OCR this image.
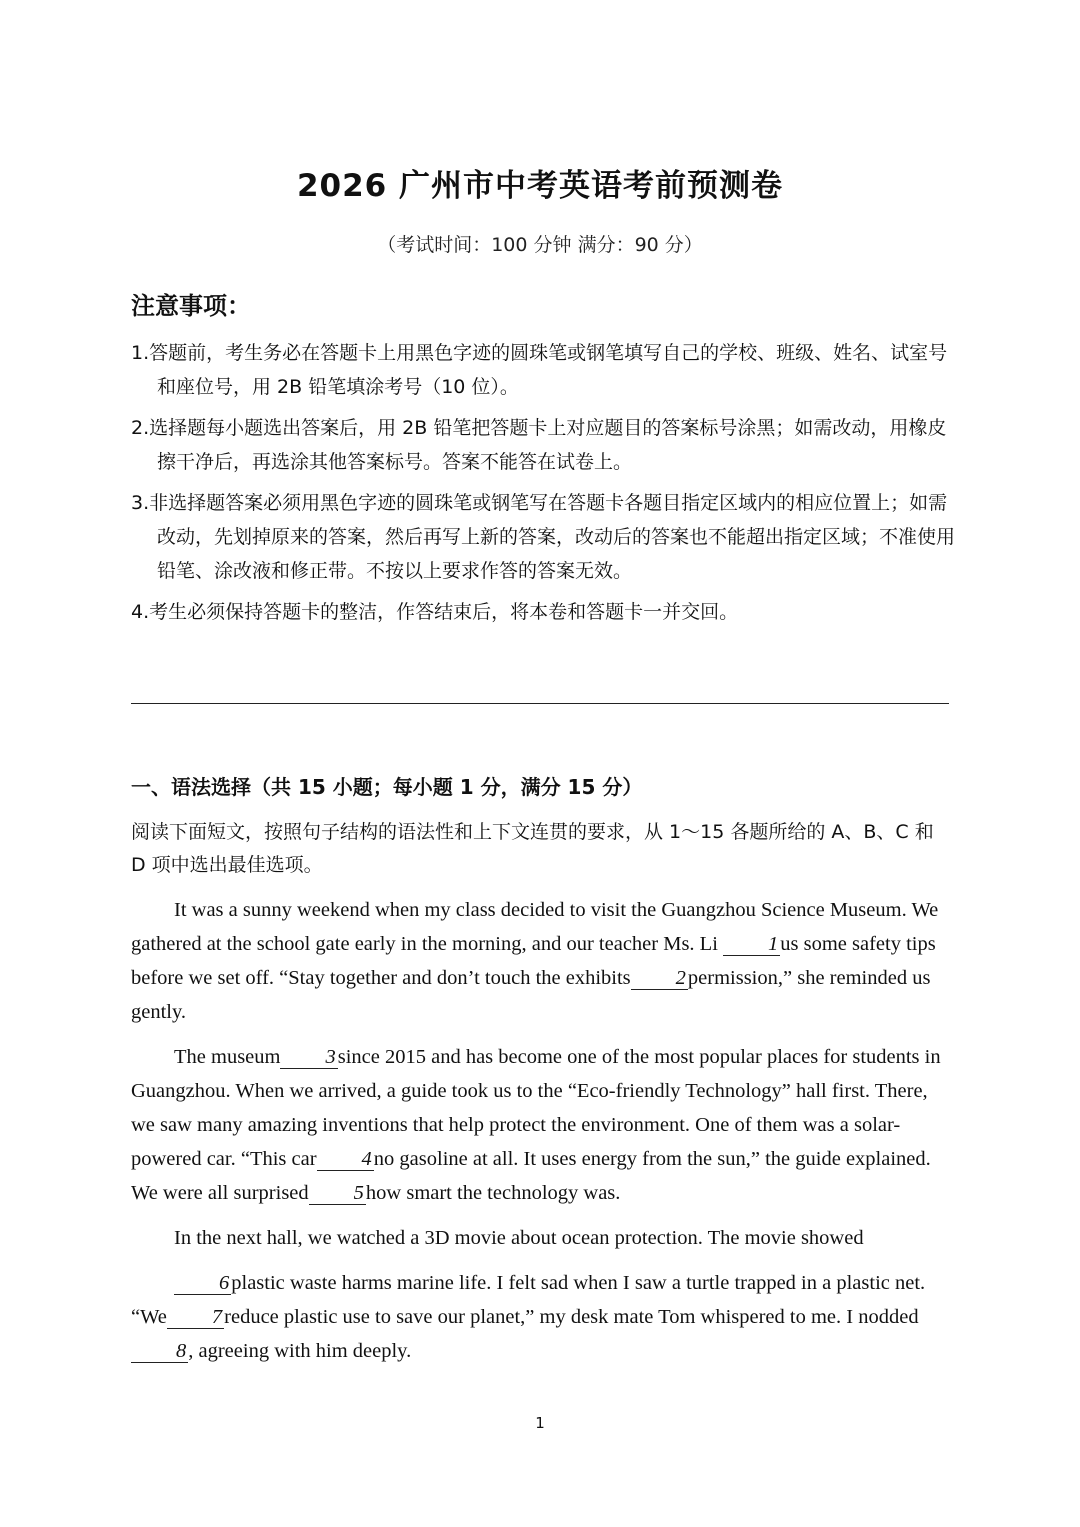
2026 广州市中考英语考前预测卷
（考试时间：100 分钟 满分：90 分）
注意事项：
1.答题前，考生务必在答题卡上用黑色字迹的圆珠笔或钢笔填写自己的学校、班级、姓名、试室号和座位号，用 2B 铅笔填涂考号（10 位）。
2.选择题每小题选出答案后，用 2B 铅笔把答题卡上对应题目的答案标号涂黑；如需改动，用橡皮擦干净后，再选涂其他答案标号。答案不能答在试卷上。
3.非选择题答案必须用黑色字迹的圆珠笔或钢笔写在答题卡各题目指定区域内的相应位置上；如需改动，先划掉原来的答案，然后再写上新的答案，改动后的答案也不能超出指定区域；不准使用铅笔、涂改液和修正带。不按以上要求作答的答案无效。
4.考生必须保持答题卡的整洁，作答结束后，将本卷和答题卡一并交回。
一、语法选择（共 15 小题；每小题 1 分，满分 15 分）

阅读下面短文，按照句子结构的语法性和上下文连贯的要求，从 1～15 各题所给的 A、B、C 和 D 项中选出最佳选项。

It was a sunny weekend when my class decided to visit the Guangzhou Science Museum. We gathered at the school gate early in the morning, and our teacher Ms. Li 1us some safety tips before we set off. “Stay together and don’t touch the exhibits 2permission,” she reminded us gently.

The museum 3since 2015 and has become one of the most popular places for students in Guangzhou. When we arrived, a guide took us to the “Eco-friendly Technology” hall first. There, we saw many amazing inventions that help protect the environment. One of them was a solar-powered car. “This car 4no gasoline at all. It uses energy from the sun,” the guide explained. We were all surprised 5how smart the technology was.

In the next hall, we watched a 3D movie about ocean protection. The movie showed

6plastic waste harms marine life. I felt sad when I saw a turtle trapped in a plastic net. “We 7reduce plastic use to save our planet,” my desk mate Tom whispered to me. I nodded8, agreeing with him deeply.

1
